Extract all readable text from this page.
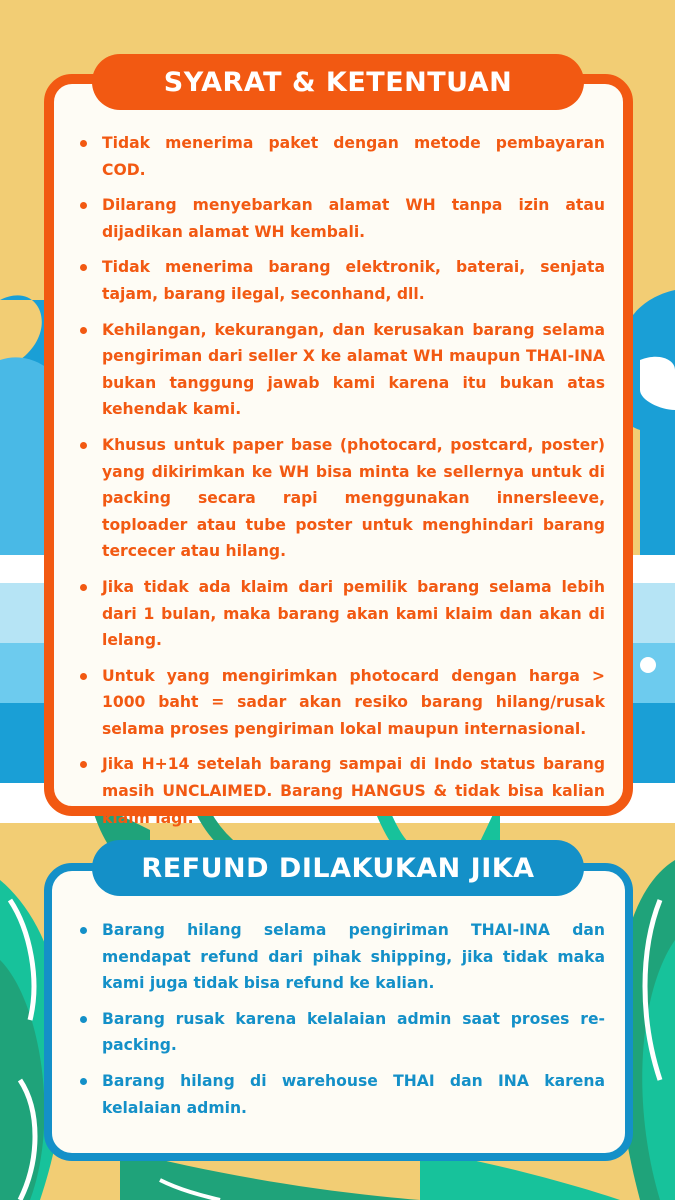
SYARAT & KETENTUAN
Tidak menerima paket dengan metode pembayaran COD.
Dilarang menyebarkan alamat WH tanpa izin atau dijadikan alamat WH kembali.
Tidak menerima barang elektronik, baterai, senjata tajam, barang ilegal, seconhand, dll.
Kehilangan, kekurangan, dan kerusakan barang selama pengiriman dari seller X ke alamat WH maupun THAI-INA bukan tanggung jawab kami karena itu bukan atas kehendak kami.
Khusus untuk paper base (photocard, postcard, poster) yang dikirimkan ke WH bisa minta ke sellernya untuk di packing secara rapi menggunakan innersleeve, toploader atau tube poster untuk menghindari barang tercecer atau hilang.
Jika tidak ada klaim dari pemilik barang selama lebih dari 1 bulan, maka barang akan kami klaim dan akan di lelang.
Untuk yang mengirimkan photocard dengan harga > 1000 baht = sadar akan resiko barang hilang/rusak selama proses pengiriman lokal maupun internasional.
Jika H+14 setelah barang sampai di Indo status barang masih UNCLAIMED. Barang HANGUS & tidak bisa kalian klaim lagi.
REFUND DILAKUKAN JIKA
Barang hilang selama pengiriman THAI-INA dan mendapat refund dari pihak shipping, jika tidak maka kami juga tidak bisa refund ke kalian.
Barang rusak karena kelalaian admin saat proses re-packing.
Barang hilang di warehouse THAI dan INA karena kelalaian admin.
